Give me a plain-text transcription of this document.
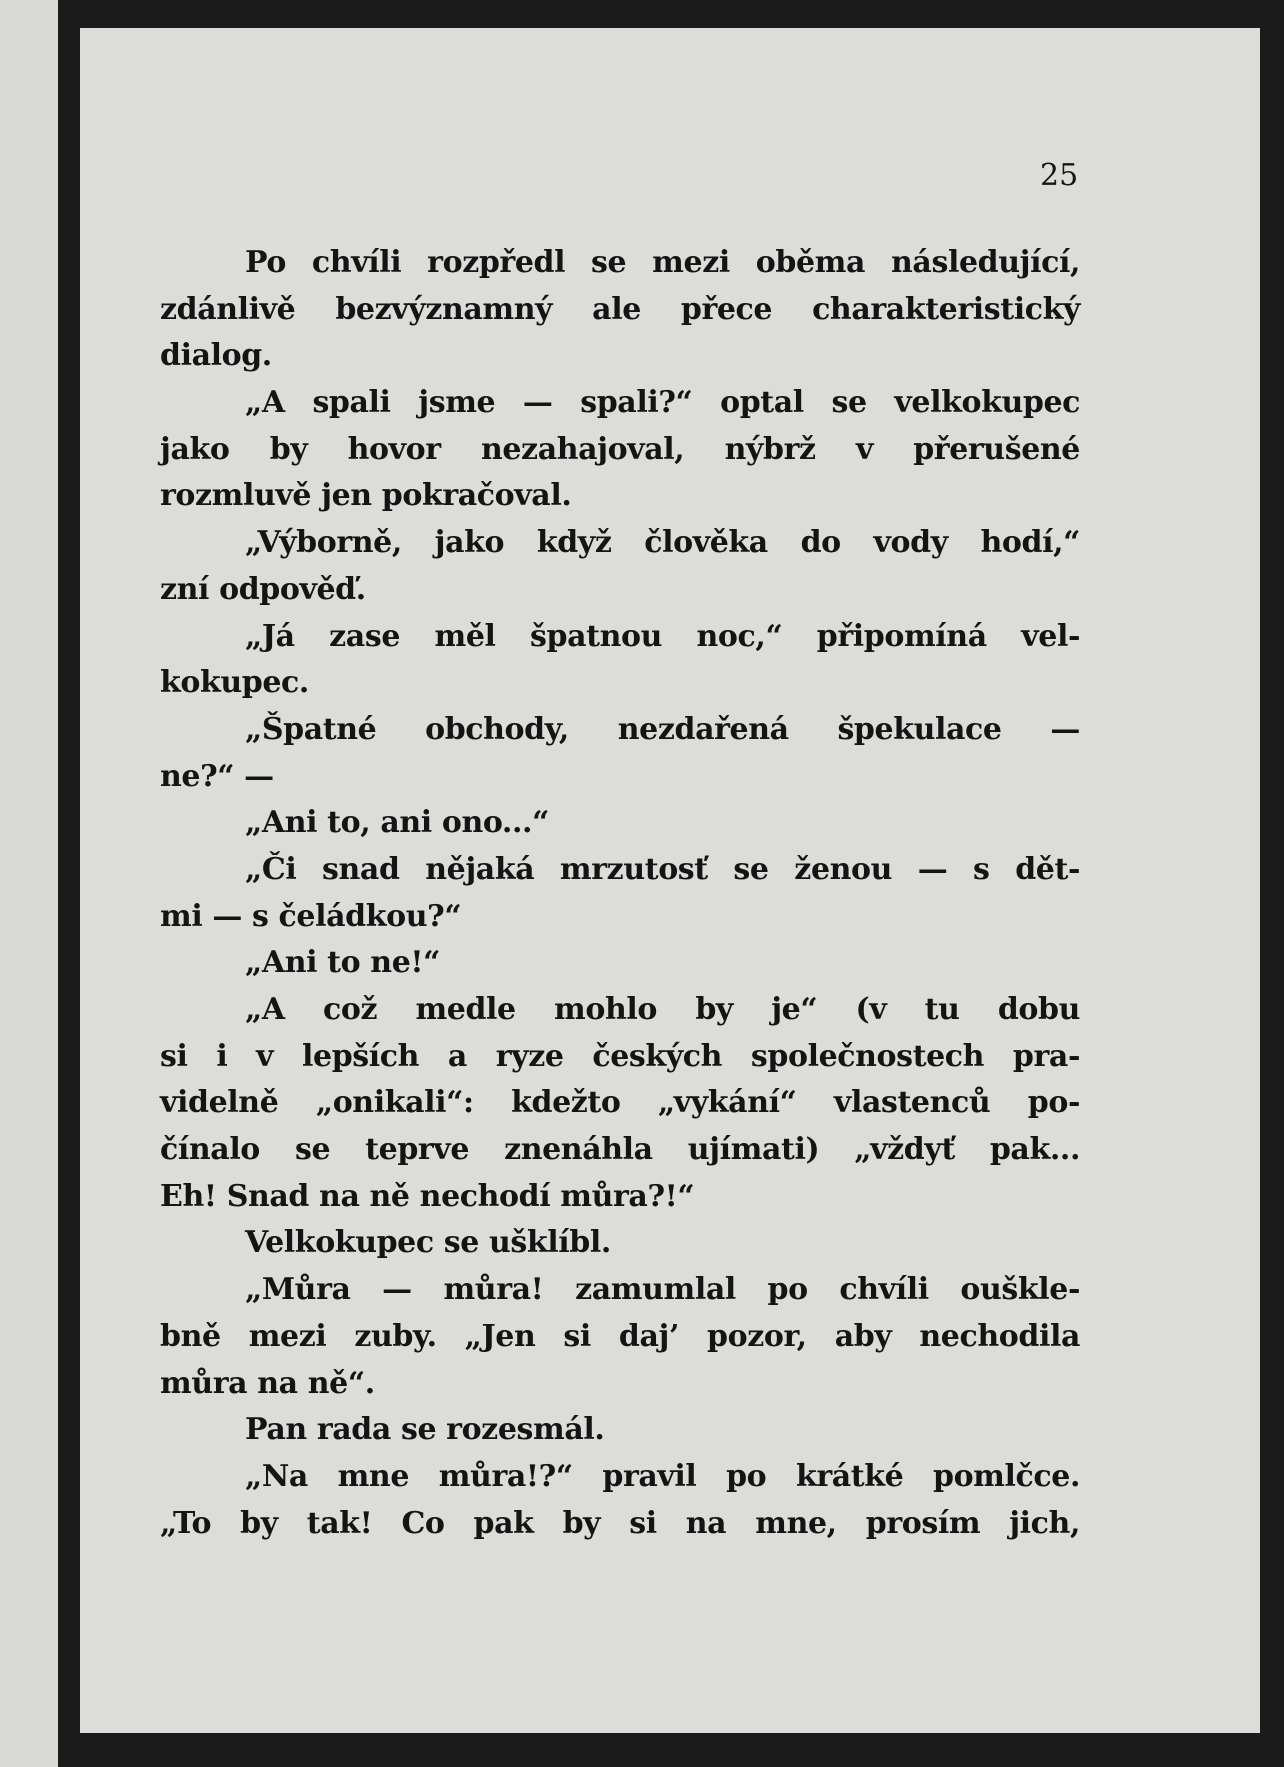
25
Po chvíli rozpředl se mezi oběma následující,
zdánlivě bezvýznamný ale přece charakteristický
dialog.
„A spali jsme — spali?“ optal se velkokupec
jako by hovor nezahajoval, nýbrž v přerušené
rozmluvě jen pokračoval.
„Výborně, jako když člověka do vody hodí,“
zní odpověď.
„Já zase měl špatnou noc,“ připomíná vel-
kokupec.
„Špatné obchody, nezdařená špekulace —
ne?“ —
„Ani to, ani ono...“
„Či snad nějaká mrzutosť se ženou — s dět-
mi — s čeládkou?“
„Ani to ne!“
„A což medle mohlo by je“ (v tu dobu
si i v lepších a ryze českých společnostech pra-
videlně „onikali“: kdežto „vykání“ vlastenců po-
čínalo se teprve znenáhla ujímati) „vždyť pak...
Eh! Snad na ně nechodí můra?!“
Velkokupec se ušklíbl.
„Můra — můra! zamumlal po chvíli ouškle-
bně mezi zuby. „Jen si daj’ pozor, aby nechodila
můra na ně“.
Pan rada se rozesmál.
„Na mne můra!?“ pravil po krátké pomlčce.
„To by tak! Co pak by si na mne, prosím jich,
